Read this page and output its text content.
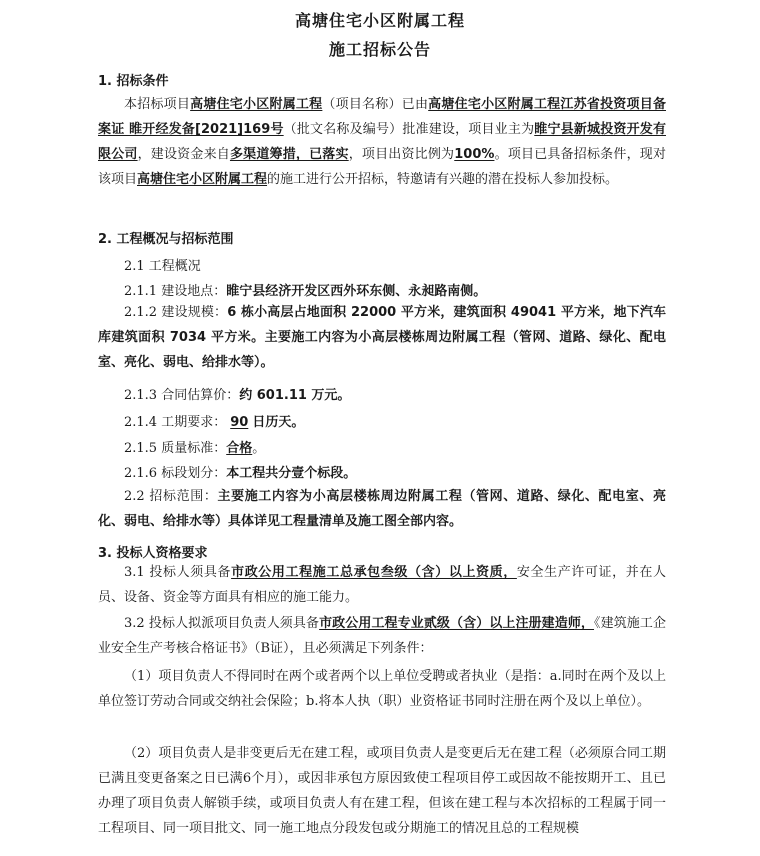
高塘住宅小区附属工程
施工招标公告
1. 招标条件
本招标项目高塘住宅小区附属工程（项目名称）已由高塘住宅小区附属工程江苏省投资项目备案证 睢开经发备[2021]169号（批文名称及编号）批准建设，项目业主为睢宁县新城投资开发有限公司，建设资金来自多渠道筹措，已落实，项目出资比例为100%。项目已具备招标条件，现对该项目高塘住宅小区附属工程的施工进行公开招标，特邀请有兴趣的潜在投标人参加投标。
2. 工程概况与招标范围
2.1 工程概况
2.1.1 建设地点：睢宁县经济开发区西外环东侧、永昶路南侧。
2.1.2 建设规模：6 栋小高层占地面积 22000 平方米，建筑面积 49041 平方米，地下汽车库建筑面积 7034 平方米。主要施工内容为小高层楼栋周边附属工程（管网、道路、绿化、配电室、亮化、弱电、给排水等）。
2.1.3 合同估算价：约 601.11 万元。
2.1.4 工期要求： 90 日历天。
2.1.5 质量标准：合格。
2.1.6 标段划分：本工程共分壹个标段。
2.2 招标范围：主要施工内容为小高层楼栋周边附属工程（管网、道路、绿化、配电室、亮化、弱电、给排水等）具体详见工程量清单及施工图全部内容。
3. 投标人资格要求
3.1 投标人须具备市政公用工程施工总承包叁级（含）以上资质，安全生产许可证，并在人员、设备、资金等方面具有相应的施工能力。
3.2 投标人拟派项目负责人须具备市政公用工程专业贰级（含）以上注册建造师，《建筑施工企业安全生产考核合格证书》（B证），且必须满足下列条件：
（1）项目负责人不得同时在两个或者两个以上单位受聘或者执业（是指：a.同时在两个及以上单位签订劳动合同或交纳社会保险；b.将本人执（职）业资格证书同时注册在两个及以上单位）。
（2）项目负责人是非变更后无在建工程，或项目负责人是变更后无在建工程（必须原合同工期已满且变更备案之日已满6个月），或因非承包方原因致使工程项目停工或因故不能按期开工、且已办理了项目负责人解锁手续，或项目负责人有在建工程，但该在建工程与本次招标的工程属于同一工程项目、同一项目批文、同一施工地点分段发包或分期施工的情况且总的工程规模
